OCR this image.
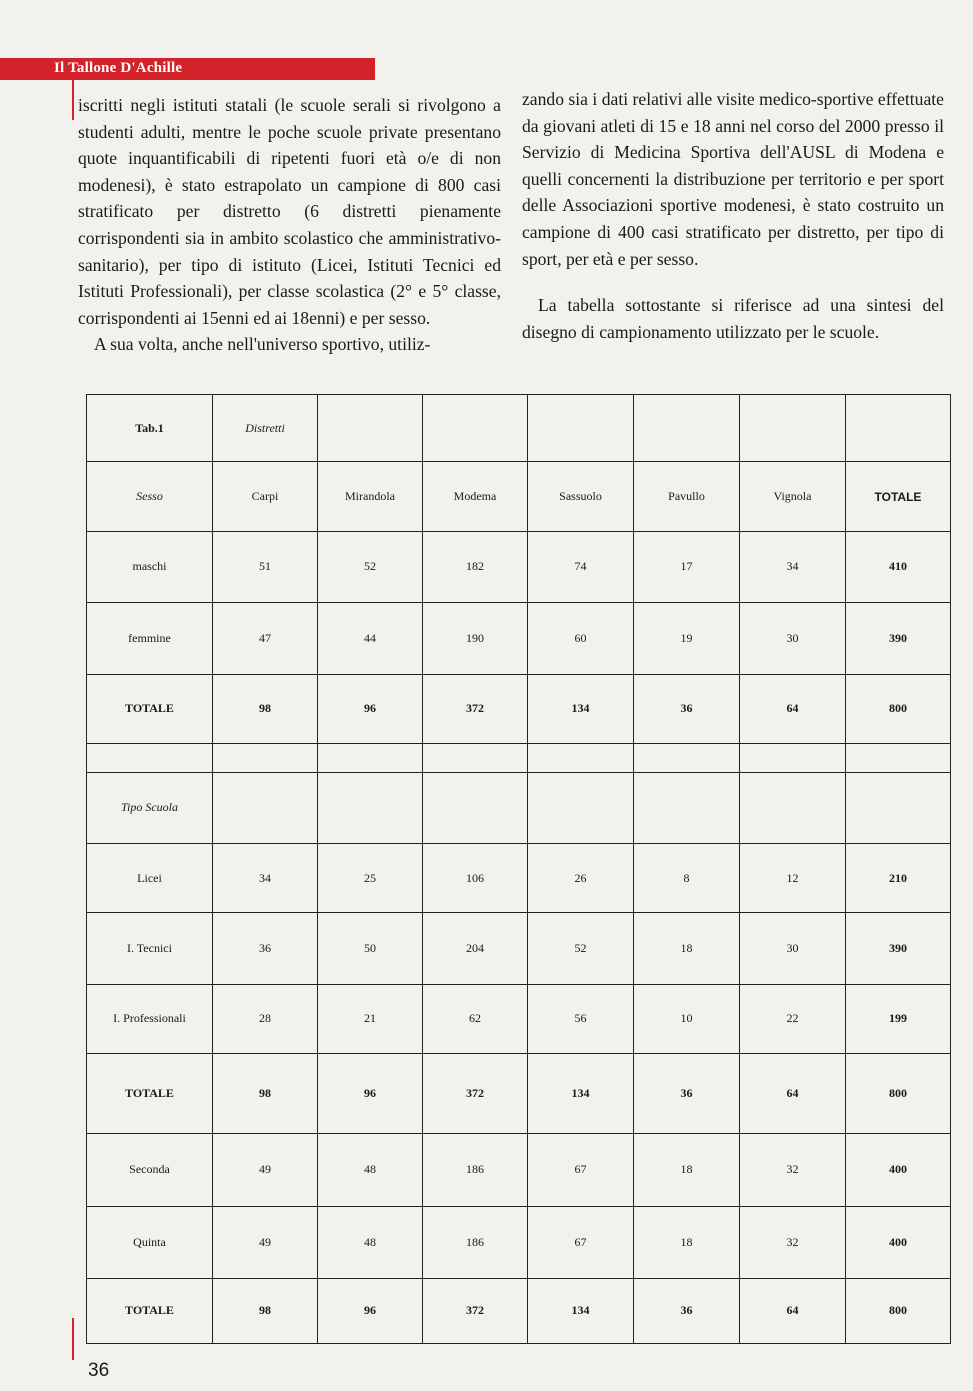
Il Tallone D'Achille

iscritti negli istituti statali (le scuole serali si rivolgono a studenti adulti, mentre le poche scuole private presentano quote inquantificabili di ripetenti fuori età o/e di non modenesi), è stato estrapolato un campione di 800 casi stratificato per distretto (6 distretti pienamente corrispondenti sia in ambito scolastico che amministrativo-sanitario), per tipo di istituto (Licei, Istituti Tecnici ed Istituti Professionali), per classe scolastica (2° e 5° classe, corrispondenti ai 15enni ed ai 18enni) e per sesso.

A sua volta, anche nell'universo sportivo, utiliz-

zando sia i dati relativi alle visite medico-sportive effettuate da giovani atleti di 15 e 18 anni nel corso del 2000 presso il Servizio di Medicina Sportiva dell'AUSL di Modena e quelli concernenti la distribuzione per territorio e per sport delle Associazioni sportive modenesi, è stato costruito un campione di 400 casi stratificato per distretto, per tipo di sport, per età e per sesso.

La tabella sottostante si riferisce ad una sintesi del disegno di campionamento utilizzato per le scuole.

Tab.1	Distretti						
Sesso	Carpi	Mirandola	Modema	Sassuolo	Pavullo	Vignola	TOTALE
maschi	51	52	182	74	17	34	410
femmine	47	44	190	60	19	30	390
TOTALE	98	96	372	134	36	64	800

Tipo Scuola							
Licei	34	25	106	26	8	12	210
I. Tecnici	36	50	204	52	18	30	390
I. Professionali	28	21	62	56	10	22	199
TOTALE	98	96	372	134	36	64	800
Seconda	49	48	186	67	18	32	400
Quinta	49	48	186	67	18	32	400
TOTALE	98	96	372	134	36	64	800
36
